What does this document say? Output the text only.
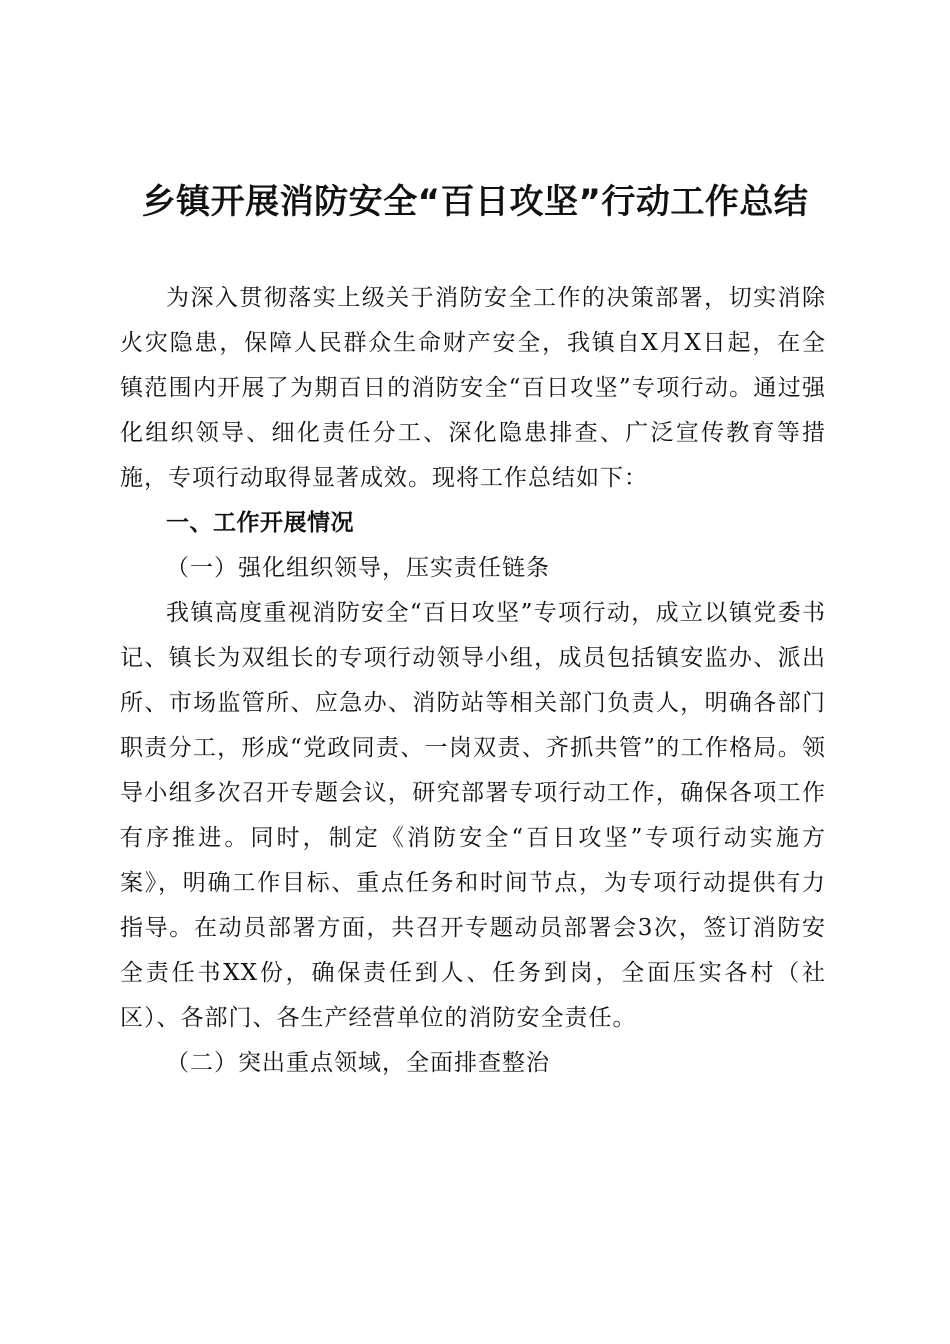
乡镇开展消防安全“百日攻坚”行动工作总结

为深入贯彻落实上级关于消防安全工作的决策部署，切实消除火灾隐患，保障人民群众生命财产安全，我镇自X月X日起，在全镇范围内开展了为期百日的消防安全“百日攻坚”专项行动。通过强化组织领导、细化责任分工、深化隐患排查、广泛宣传教育等措施，专项行动取得显著成效。现将工作总结如下：

一、工作开展情况

（一）强化组织领导，压实责任链条

我镇高度重视消防安全“百日攻坚”专项行动，成立以镇党委书记、镇长为双组长的专项行动领导小组，成员包括镇安监办、派出所、市场监管所、应急办、消防站等相关部门负责人，明确各部门职责分工，形成“党政同责、一岗双责、齐抓共管”的工作格局。领导小组多次召开专题会议，研究部署专项行动工作，确保各项工作有序推进。同时，制定《消防安全“百日攻坚”专项行动实施方案》，明确工作目标、重点任务和时间节点，为专项行动提供有力指导。在动员部署方面，共召开专题动员部署会3次，签订消防安全责任书XX份，确保责任到人、任务到岗，全面压实各村（社区）、各部门、各生产经营单位的消防安全责任。

（二）突出重点领域，全面排查整治
